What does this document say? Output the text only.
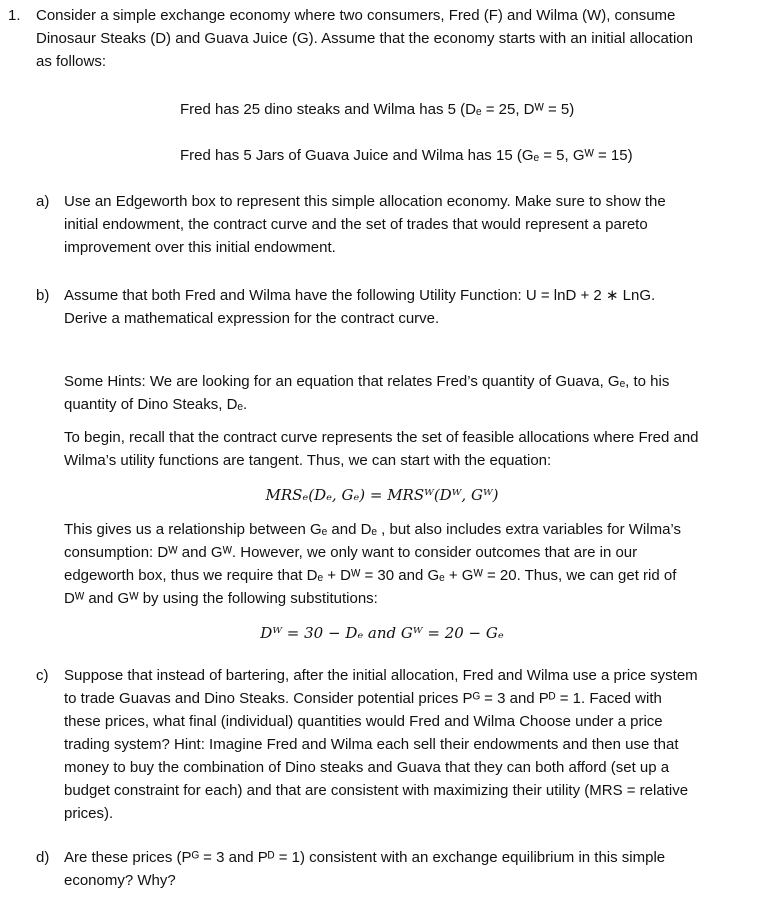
1. Consider a simple exchange economy where two consumers, Fred (F) and Wilma (W), consume
Dinosaur Steaks (D) and Guava Juice (G). Assume that the economy starts with an initial allocation
as follows:
Fred has 25 dino steaks and Wilma has 5 (Dₑ = 25, Dᵂ = 5)
Fred has 5 Jars of Guava Juice and Wilma has 15 (Gₑ = 5, Gᵂ = 15)
a) Use an Edgeworth box to represent this simple allocation economy. Make sure to show the
initial endowment, the contract curve and the set of trades that would represent a pareto
improvement over this initial endowment.
b) Assume that both Fred and Wilma have the following Utility Function: U = lnD + 2 ∗ LnG.
Derive a mathematical expression for the contract curve.
Some Hints: We are looking for an equation that relates Fred’s quantity of Guava, Gₑ, to his
quantity of Dino Steaks, Dₑ.
To begin, recall that the contract curve represents the set of feasible allocations where Fred and
Wilma’s utility functions are tangent. Thus, we can start with the equation:
MRSₑ(Dₑ, Gₑ) = MRSᵂ(Dᵂ, Gᵂ)
This gives us a relationship between Gₑ and Dₑ , but also includes extra variables for Wilma’s
consumption: Dᵂ and Gᵂ. However, we only want to consider outcomes that are in our
edgeworth box, thus we require that Dₑ + Dᵂ = 30 and Gₑ + Gᵂ = 20. Thus, we can get rid of
Dᵂ and Gᵂ by using the following substitutions:
Dᵂ = 30 − Dₑ and Gᵂ = 20 − Gₑ
c) Suppose that instead of bartering, after the initial allocation, Fred and Wilma use a price system
to trade Guavas and Dino Steaks. Consider potential prices Pᴳ = 3 and Pᴰ = 1. Faced with
these prices, what final (individual) quantities would Fred and Wilma Choose under a price
trading system? Hint: Imagine Fred and Wilma each sell their endowments and then use that
money to buy the combination of Dino steaks and Guava that they can both afford (set up a
budget constraint for each) and that are consistent with maximizing their utility (MRS = relative
prices).
d) Are these prices (Pᴳ = 3 and Pᴰ = 1) consistent with an exchange equilibrium in this simple
economy? Why?
